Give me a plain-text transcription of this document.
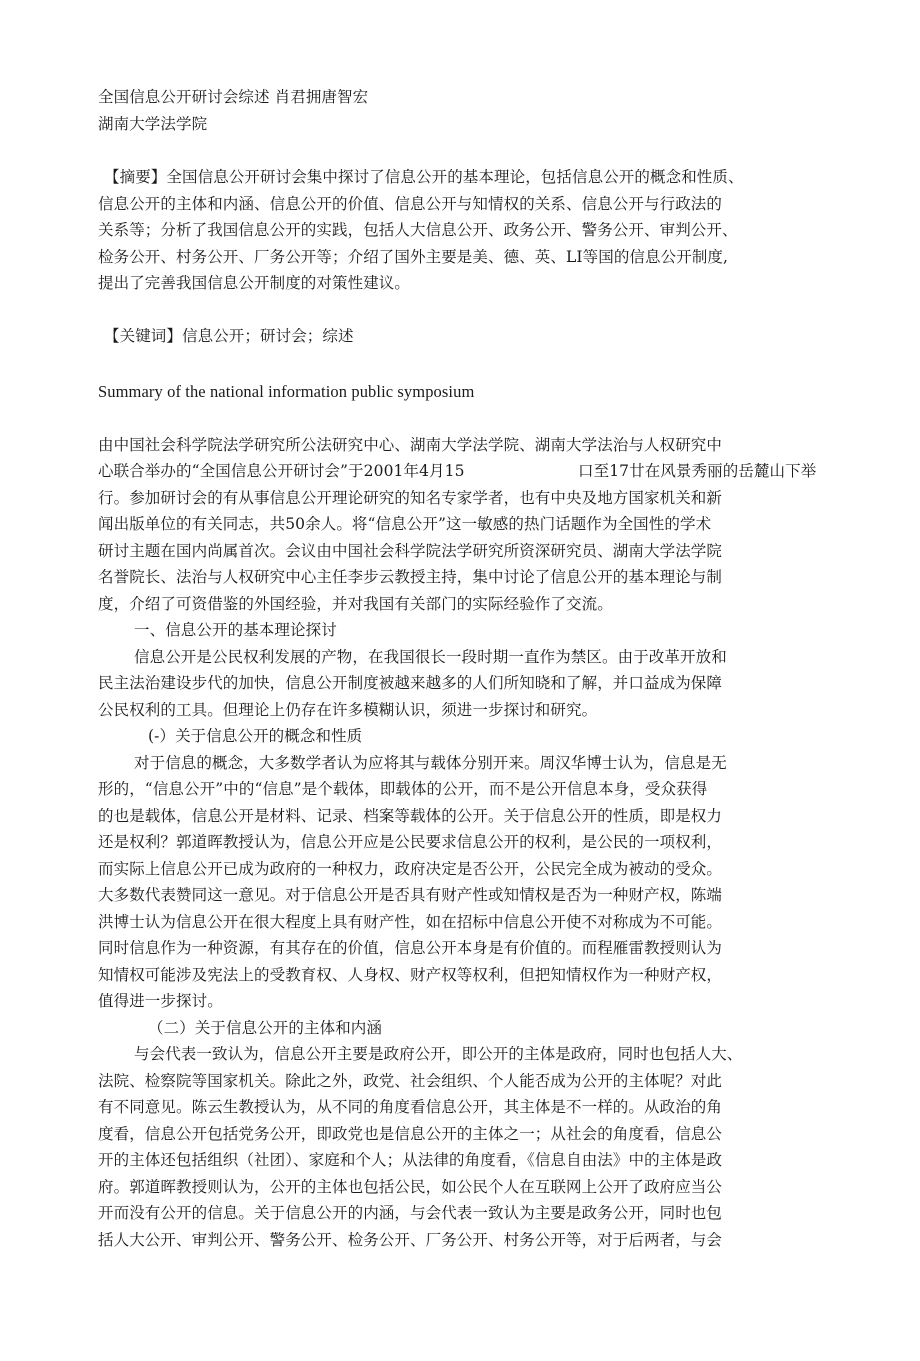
全国信息公开研讨会综述 肖君拥唐智宏
湖南大学法学院
【摘要】全国信息公开研讨会集中探讨了信息公开的基本理论，包括信息公开的概念和性质、
信息公开的主体和内涵、信息公开的价值、信息公开与知情权的关系、信息公开与行政法的
关系等；分析了我国信息公开的实践，包括人大信息公开、政务公开、警务公开、审判公开、
检务公开、村务公开、厂务公开等；介绍了国外主要是美、德、英、LI等国的信息公开制度,
提出了完善我国信息公开制度的对策性建议。
【关键词】信息公开；研讨会；综述
Summary of the national information public symposium
由中国社会科学院法学研究所公法研究中心、湖南大学法学院、湖南大学法治与人权研究中
心联合举办的“全国信息公开研讨会”于2001年4月15	口至17廿在风景秀丽的岳麓山下举
行。参加研讨会的有从事信息公开理论研究的知名专家学者，也有中央及地方国家机关和新
闻出版单位的有关同志，共50余人。将“信息公开”这一敏感的热门话题作为全国性的学术
研讨主题在国内尚属首次。会议由中国社会科学院法学研究所资深研究员、湖南大学法学院
名誉院长、法治与人权研究中心主任李步云教授主持，集中讨论了信息公开的基本理论与制
度，介绍了可资借鉴的外国经验，并对我国有关部门的实际经验作了交流。
一、信息公开的基本理论探讨
信息公开是公民权利发展的产物，在我国很长一段时期一直作为禁区。由于改革开放和
民主法治建设步代的加快，信息公开制度被越来越多的人们所知晓和了解，并口益成为保障
公民权利的工具。但理论上仍存在许多模糊认识，须进一步探讨和研究。
(-）关于信息公开的概念和性质
对于信息的概念，大多数学者认为应将其与载体分别开来。周汉华博士认为，信息是无
形的，“信息公开”中的“信息”是个载体，即载体的公开，而不是公开信息本身，受众获得
的也是载体，信息公开是材料、记录、档案等载体的公开。关于信息公开的性质，即是权力
还是权利？郭道晖教授认为，信息公开应是公民要求信息公开的权利，是公民的一项权利，
而实际上信息公开已成为政府的一种权力，政府决定是否公开，公民完全成为被动的受众。
大多数代表赞同这一意见。对于信息公开是否具有财产性或知情权是否为一种财产权，陈端
洪博士认为信息公开在很大程度上具有财产性，如在招标中信息公开使不对称成为不可能。
同时信息作为一种资源，有其存在的价值，信息公开本身是有价值的。而程雁雷教授则认为
知情权可能涉及宪法上的受教育权、人身权、财产权等权利，但把知情权作为一种财产权，
值得进一步探讨。
（二）关于信息公开的主体和内涵
与会代表一致认为，信息公开主要是政府公开，即公开的主体是政府，同时也包括人大、
法院、检察院等国家机关。除此之外，政党、社会组织、个人能否成为公开的主体呢？对此
有不同意见。陈云生教授认为，从不同的角度看信息公开，其主体是不一样的。从政治的角
度看，信息公开包括党务公开，即政党也是信息公开的主体之一；从社会的角度看，信息公
开的主体还包括组织（社团）、家庭和个人；从法律的角度看，《信息自由法》中的主体是政
府。郭道晖教授则认为，公开的主体也包括公民，如公民个人在互联网上公开了政府应当公
开而没有公开的信息。关于信息公开的内涵，与会代表一致认为主要是政务公开，同时也包
括人大公开、审判公开、警务公开、检务公开、厂务公开、村务公开等，对于后两者，与会
